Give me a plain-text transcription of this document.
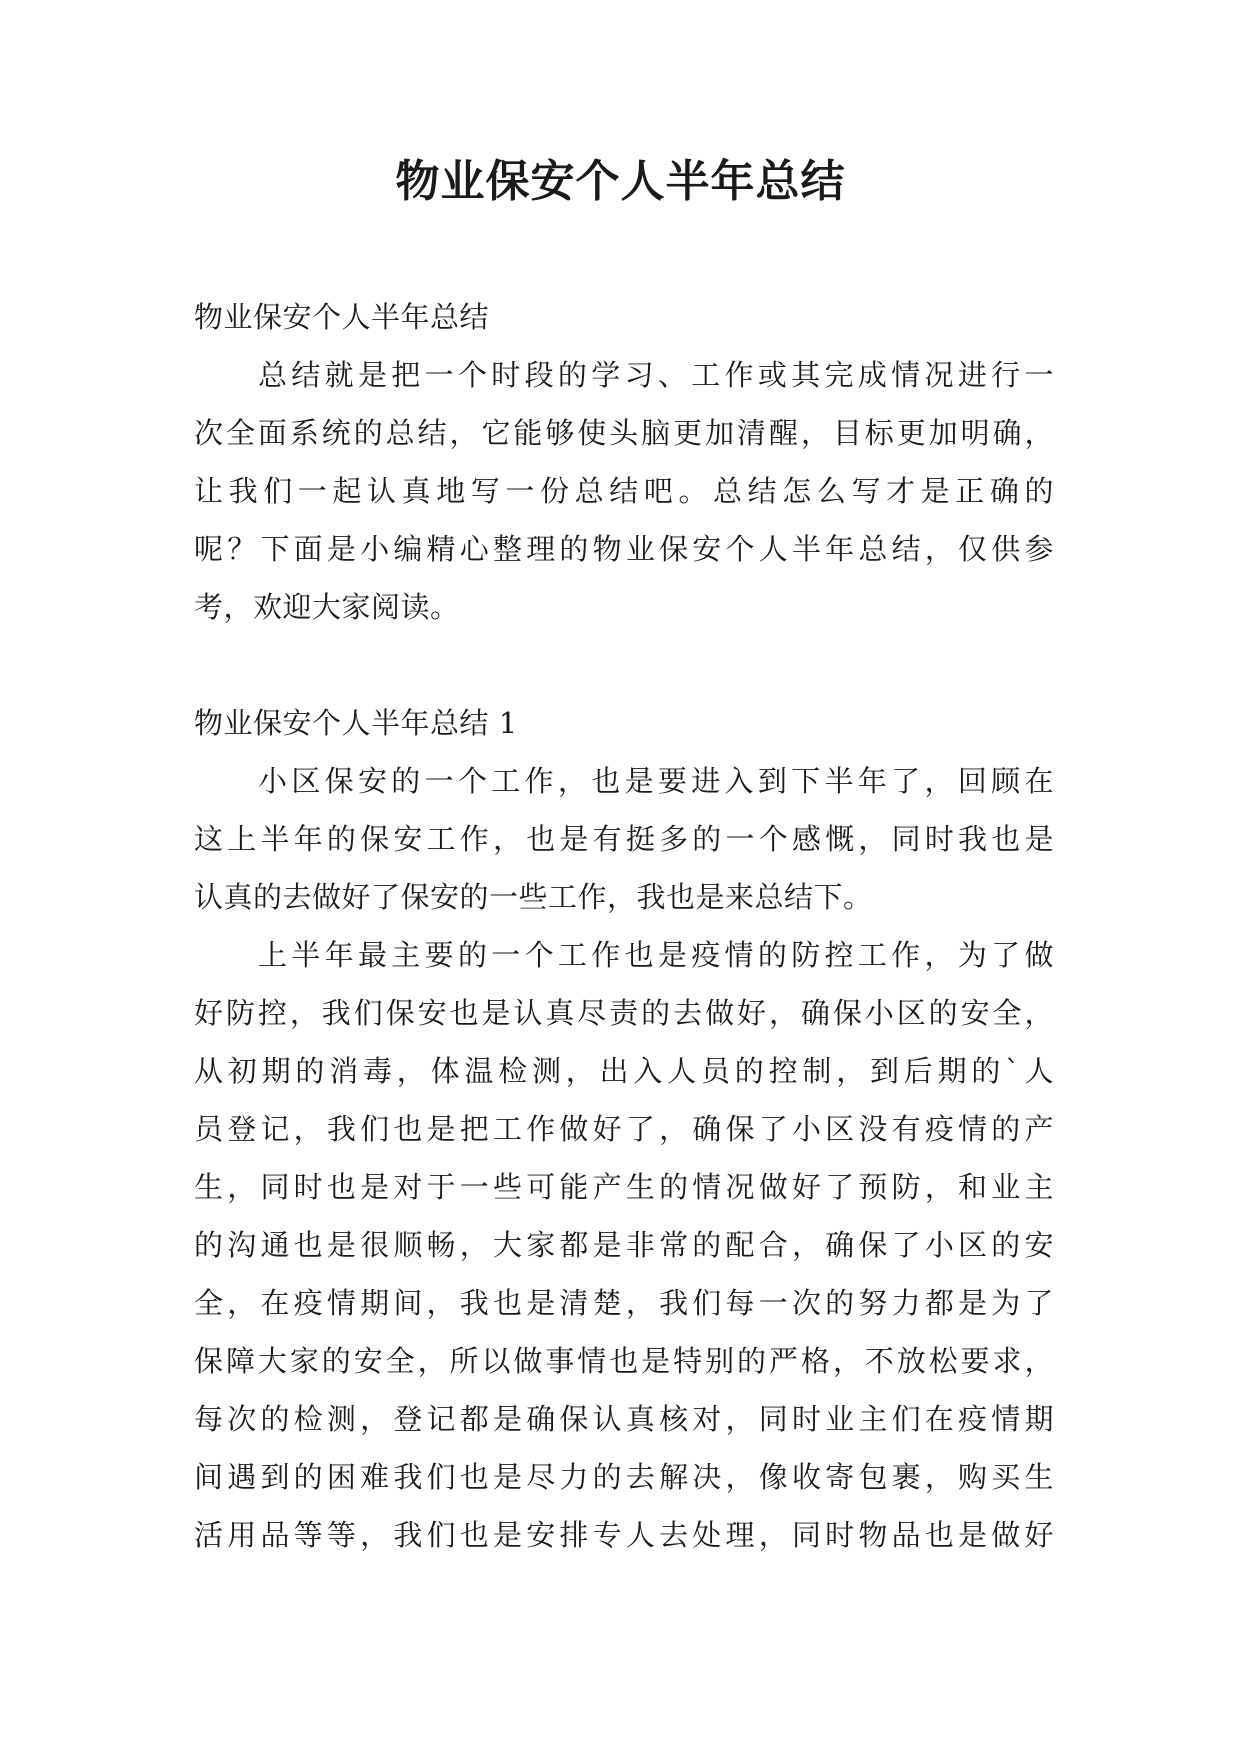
物业保安个人半年总结
物业保安个人半年总结
总结就是把一个时段的学习、工作或其完成情况进行一
次全面系统的总结，它能够使头脑更加清醒，目标更加明确，
让我们一起认真地写一份总结吧。总结怎么写才是正确的
呢？下面是小编精心整理的物业保安个人半年总结，仅供参
考，欢迎大家阅读。
物业保安个人半年总结 1
小区保安的一个工作，也是要进入到下半年了，回顾在
这上半年的保安工作，也是有挺多的一个感慨，同时我也是
认真的去做好了保安的一些工作，我也是来总结下。
上半年最主要的一个工作也是疫情的防控工作，为了做
好防控，我们保安也是认真尽责的去做好，确保小区的安全，
从初期的消毒，体温检测，出入人员的控制，到后期的`人
员登记，我们也是把工作做好了，确保了小区没有疫情的产
生，同时也是对于一些可能产生的情况做好了预防，和业主
的沟通也是很顺畅，大家都是非常的配合，确保了小区的安
全，在疫情期间，我也是清楚，我们每一次的努力都是为了
保障大家的安全，所以做事情也是特别的严格，不放松要求，
每次的检测，登记都是确保认真核对，同时业主们在疫情期
间遇到的困难我们也是尽力的去解决，像收寄包裹，购买生
活用品等等，我们也是安排专人去处理，同时物品也是做好
